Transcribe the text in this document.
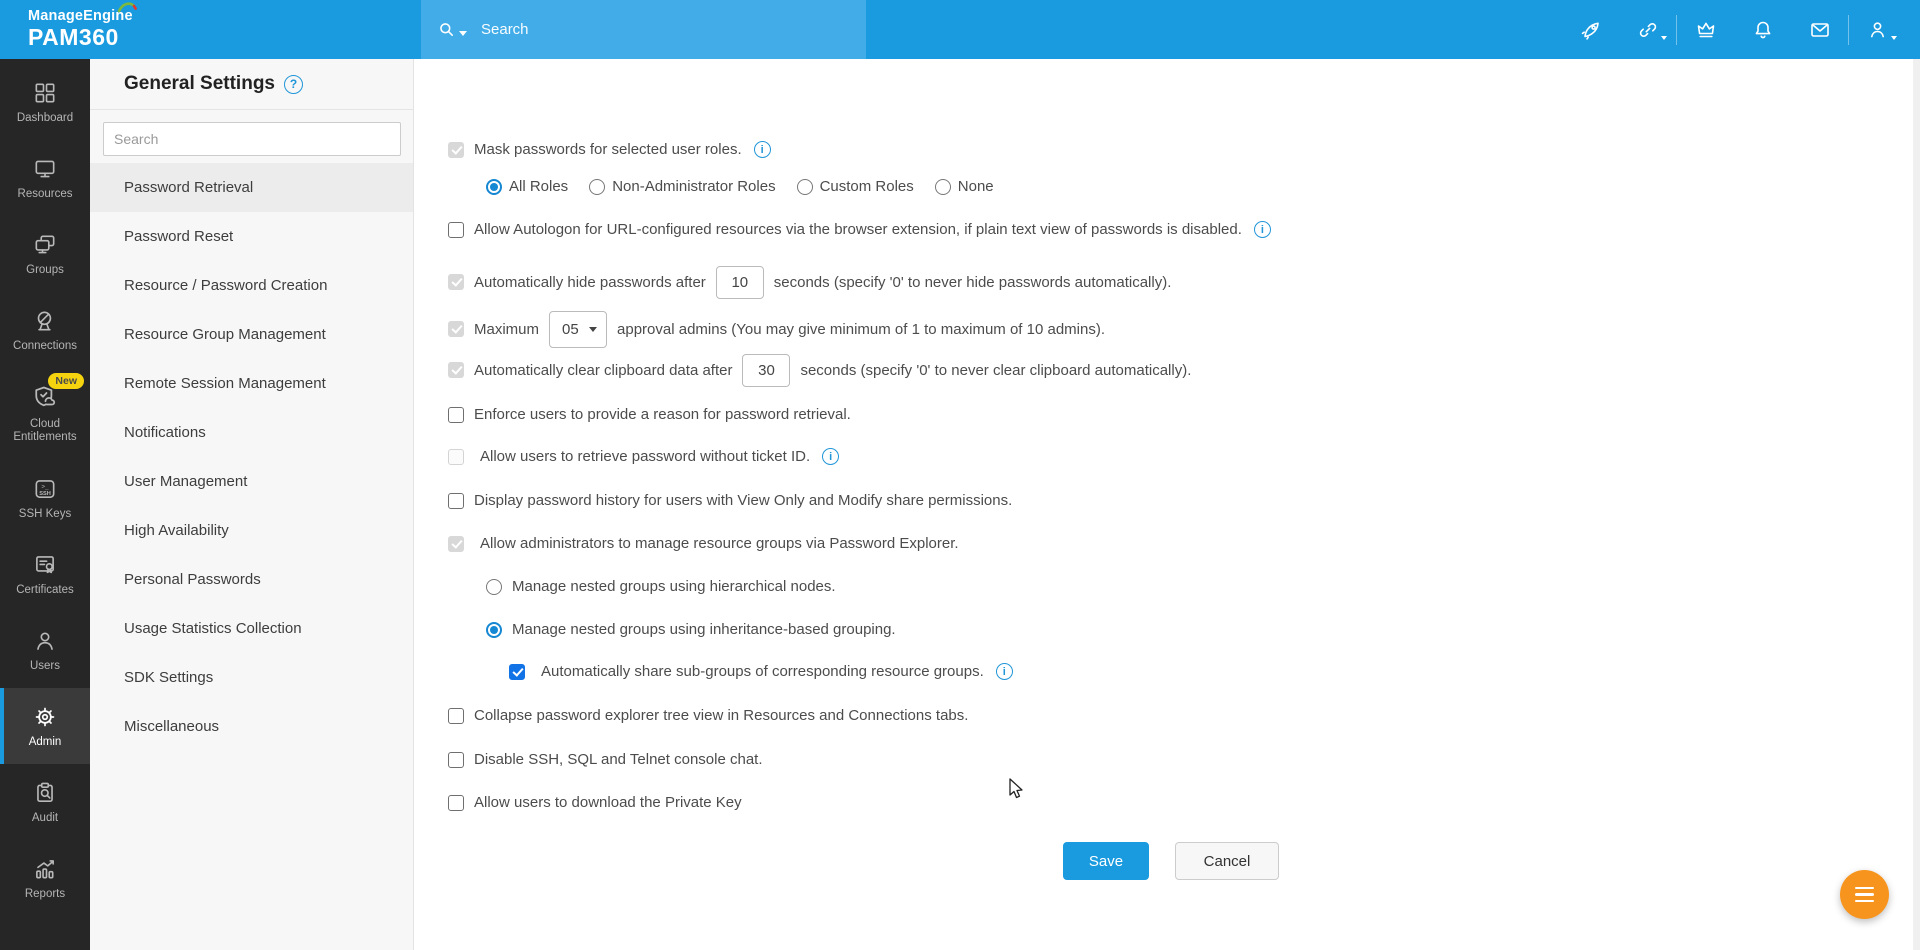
ManageEngine
PAM360	Search
Dashboard
Resources
Groups
Connections
New
Cloud Entitlements
>_
SSH
SSH Keys
Certificates
Users
Admin
Audit
Reports
General Settings ?
Search
Password Retrieval
Password Reset
Resource / Password Creation
Resource Group Management
Remote Session Management
Notifications
User Management
High Availability
Personal Passwords
Usage Statistics Collection
SDK Settings
Miscellaneous
Mask passwords for selected user roles. i
All Roles	Non-Administrator Roles	Custom Roles	None
Allow Autologon for URL-configured resources via the browser extension, if plain text view of passwords is disabled. i
Automatically hide passwords after
10	seconds (specify '0' to never hide passwords automatically).
Maximum 05	approval admins (You may give minimum of 1 to maximum of 10 admins).
Automatically clear clipboard data after
30	seconds (specify '0' to never clear clipboard automatically).
Enforce users to provide a reason for password retrieval.
Allow users to retrieve password without ticket ID. i
Display password history for users with View Only and Modify share permissions.
Allow administrators to manage resource groups via Password Explorer.
Manage nested groups using hierarchical nodes.
Manage nested groups using inheritance-based grouping.
Automatically share sub-groups of corresponding resource groups. i
Collapse password explorer tree view in Resources and Connections tabs.
Disable SSH, SQL and Telnet console chat.
Allow users to download the Private Key
Save	Cancel
